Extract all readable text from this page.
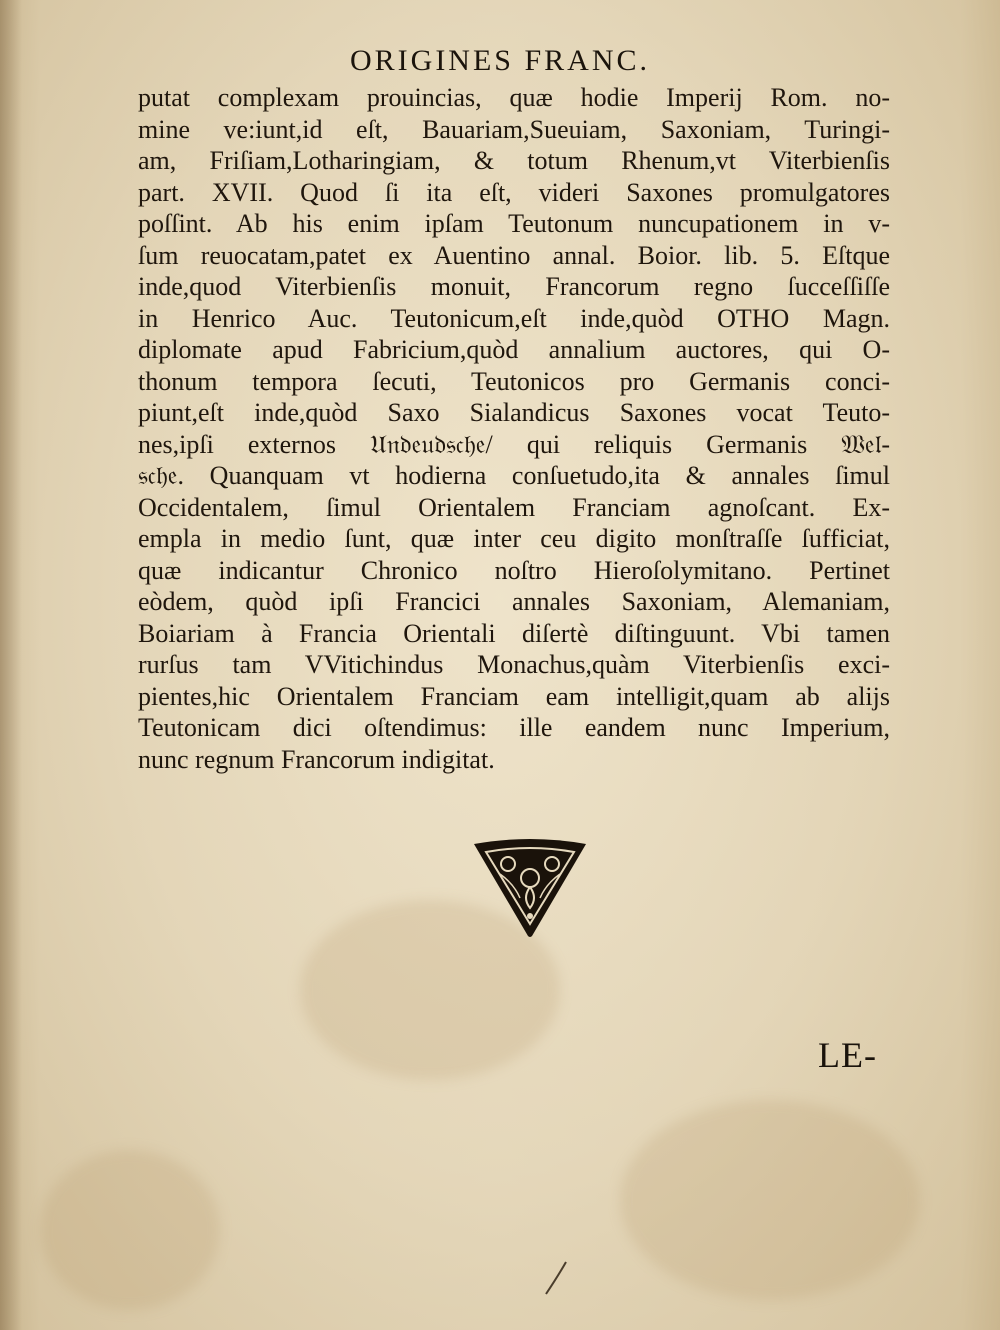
ORIGINES FRANC.
putat complexam prouincias, quæ hodie Imperij Rom. no-
mine ve:iunt,id eſt, Bauariam,Sueuiam, Saxoniam, Turingi-
am, Friſiam,Lotharingiam, & totum Rhenum,vt Viterbienſis
part. XVII. Quod ſi ita eſt, videri Saxones promulgatores
poſſint. Ab his enim ipſam Teutonum nuncupationem in v-
ſum reuocatam,patet ex Auentino annal. Boior. lib. 5. Eſtque
inde,quod Viterbienſis monuit, Francorum regno ſucceſſiſſe
in Henrico Auc. Teutonicum,eſt inde,quòd OTHO Magn.
diplomate apud Fabricium,quòd annalium auctores, qui O-
thonum tempora ſecuti, Teutonicos pro Germanis conci-
piunt,eſt inde,quòd Saxo Sialandicus Saxones vocat Teuto-
nes,ipſi externos 𝔘𝔫𝔡𝔢𝔲𝔡𝔰𝔠𝔥𝔢/ qui reliquis Germanis 𝔚𝔢𝔩-
𝔰𝔠𝔥𝔢. Quanquam vt hodierna conſuetudo,ita & annales ſimul
Occidentalem, ſimul Orientalem Franciam agnoſcant. Ex-
empla in medio ſunt, quæ inter ceu digito monſtraſſe ſufficiat,
quæ indicantur Chronico noſtro Hieroſolymitano. Pertinet
eòdem, quòd ipſi Francici annales Saxoniam, Alemaniam,
Boiariam à Francia Orientali diſertè diſtinguunt. Vbi tamen
rurſus tam VVitichindus Monachus,quàm Viterbienſis exci-
pientes,hic Orientalem Franciam eam intelligit,quam ab alijs
Teutonicam dici oſtendimus: ille eandem nunc Imperium,
nunc regnum Francorum indigitat.
LE-
